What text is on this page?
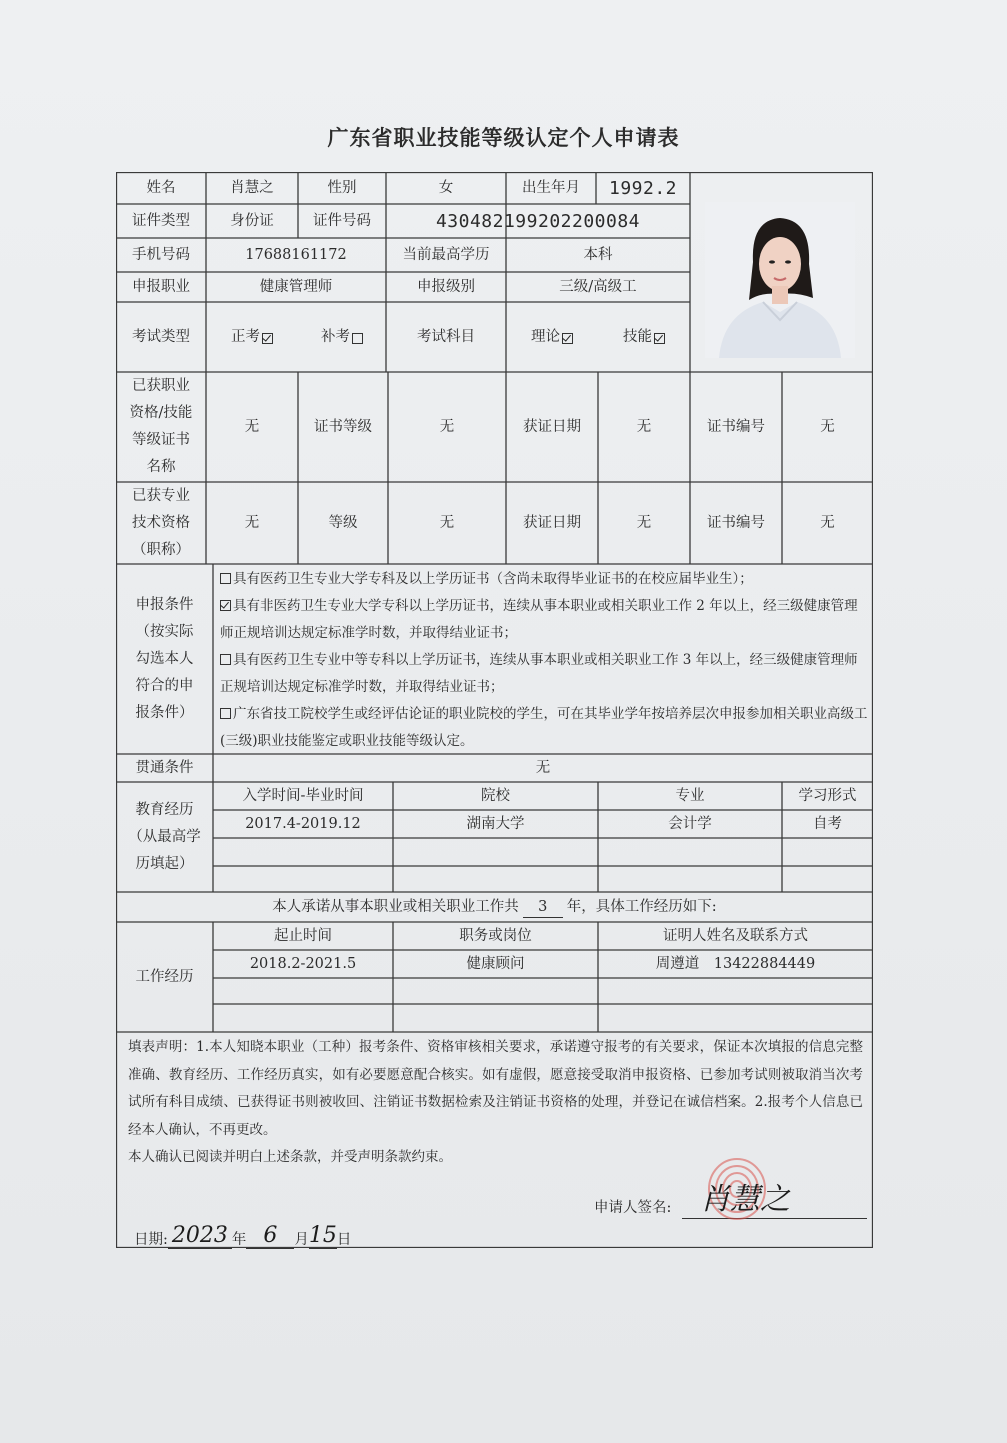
广东省职业技能等级认定个人申请表
姓名	肖慧之	性别	女	出生年月	1992.2
证件类型	身份证	证件号码	430482199202200084
手机号码	17688161172	当前最高学历	本科
申报职业	健康管理师	申报级别	三级/高级工
考试类型	正考	补考	考试科目	理论	技能
已获职业资格/技能等级证书名称
无	证书等级	无	获证日期	无	证书编号	无
已获专业技术资格（职称）
无	等级	无	获证日期	无	证书编号	无
申报条件（按实际勾选本人符合的申报条件）
具有医药卫生专业大学专科及以上学历证书（含尚未取得毕业证书的在校应届毕业生）；
具有非医药卫生专业大学专科以上学历证书，连续从事本职业或相关职业工作 2 年以上，经三级健康管理师正规培训达规定标准学时数，并取得结业证书；
具有医药卫生专业中等专科以上学历证书，连续从事本职业或相关职业工作 3 年以上，经三级健康管理师正规培训达规定标准学时数，并取得结业证书；
广东省技工院校学生或经评估论证的职业院校的学生，可在其毕业学年按培养层次申报参加相关职业高级工(三级)职业技能鉴定或职业技能等级认定。
贯通条件	无
教育经历（从最高学历填起）
入学时间-毕业时间	院校	专业	学习形式
2017.4-2019.12	湖南大学	会计学	自考
本人承诺从事本职业或相关职业工作共	3	年，具体工作经历如下:
工作经历
起止时间	职务或岗位	证明人姓名及联系方式
2018.2-2021.5	健康顾问	周遵道　13422884449
填表声明：1.本人知晓本职业（工种）报考条件、资格审核相关要求，承诺遵守报考的有关要求，保证本次填报的信息完整准确、教育经历、工作经历真实，如有必要愿意配合核实。如有虚假，愿意接受取消申报资格、已参加考试则被取消当次考试所有科目成绩、已获得证书则被收回、注销证书数据检索及注销证书资格的处理，并登记在诚信档案。2.报考个人信息已经本人确认，不再更改。
本人确认已阅读并明白上述条款，并受声明条款约束。
申请人签名: 肖慧之
日期: 2023 年 6	月 15 日
